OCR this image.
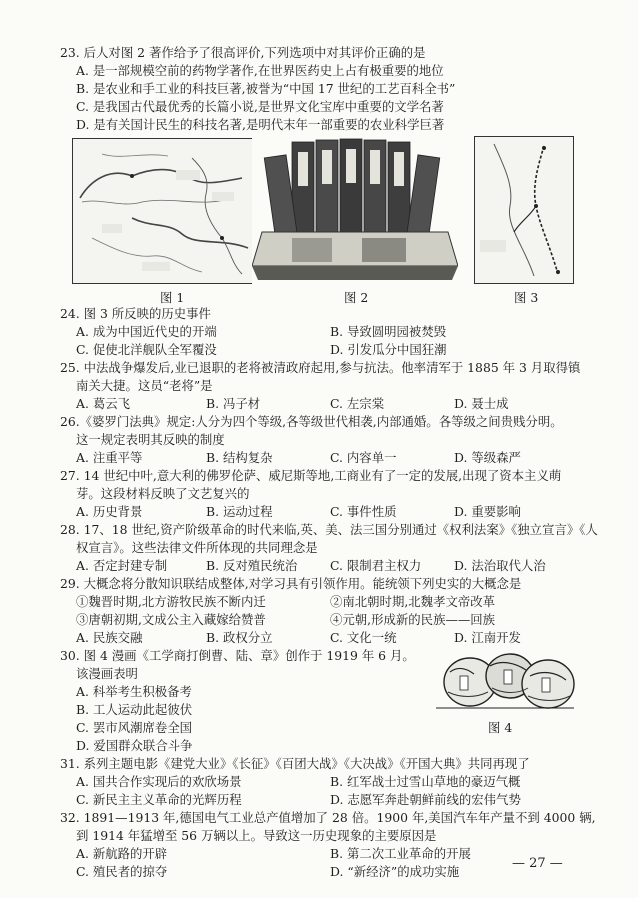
23. 后人对图 2 著作给予了很高评价,下列选项中对其评价正确的是
A. 是一部规模空前的药物学著作,在世界医药史上占有极重要的地位
B. 是农业和手工业的科技巨著,被誉为“中国 17 世纪的工艺百科全书”
C. 是我国古代最优秀的长篇小说,是世界文化宝库中重要的文学名著
D. 是有关国计民生的科技名著,是明代末年一部重要的农业科学巨著
图 1	图 2	图 3
24. 图 3 所反映的历史事件
A. 成为中国近代史的开端	B. 导致圆明园被焚毁
C. 促使北洋舰队全军覆没	D. 引发瓜分中国狂潮
25. 中法战争爆发后,业已退职的老将被清政府起用,参与抗法。他率清军于 1885 年 3 月取得镇
南关大捷。这员“老将”是
A. 葛云飞	B. 冯子材	C. 左宗棠	D. 聂士成
26.《婆罗门法典》规定:人分为四个等级,各等级世代相袭,内部通婚。各等级之间贵贱分明。
这一规定表明其反映的制度
A. 注重平等	B. 结构复杂	C. 内容单一	D. 等级森严
27. 14 世纪中叶,意大利的佛罗伦萨、威尼斯等地,工商业有了一定的发展,出现了资本主义萌
芽。这段材料反映了文艺复兴的
A. 历史背景	B. 运动过程	C. 事件性质	D. 重要影响
28. 17、18 世纪,资产阶级革命的时代来临,英、美、法三国分别通过《权利法案》《独立宣言》《人
权宣言》。这些法律文件所体现的共同理念是
A. 否定封建专制	B. 反对殖民统治	C. 限制君主权力	D. 法治取代人治
29. 大概念将分散知识联结成整体,对学习具有引领作用。能统领下列史实的大概念是
①魏晋时期,北方游牧民族不断内迁	②南北朝时期,北魏孝文帝改革
③唐朝初期,文成公主入藏嫁给赞普	④元朝,形成新的民族——回族
A. 民族交融	B. 政权分立	C. 文化一统	D. 江南开发
30. 图 4 漫画《工学商打倒曹、陆、章》创作于 1919 年 6 月。
该漫画表明
A. 科举考生积极备考
B. 工人运动此起彼伏
C. 罢市风潮席卷全国
D. 爱国群众联合斗争
图 4
31. 系列主题电影《建党大业》《长征》《百团大战》《大决战》《开国大典》共同再现了
A. 国共合作实现后的欢欣场景	B. 红军战士过雪山草地的豪迈气概
C. 新民主主义革命的光辉历程	D. 志愿军奔赴朝鲜前线的宏伟气势
32. 1891—1913 年,德国电气工业总产值增加了 28 倍。1900 年,美国汽车年产量不到 4000 辆,
到 1914 年猛增至 56 万辆以上。导致这一历史现象的主要原因是
A. 新航路的开辟	B. 第二次工业革命的开展
C. 殖民者的掠夺	D. “新经济”的成功实施
— 27 —
